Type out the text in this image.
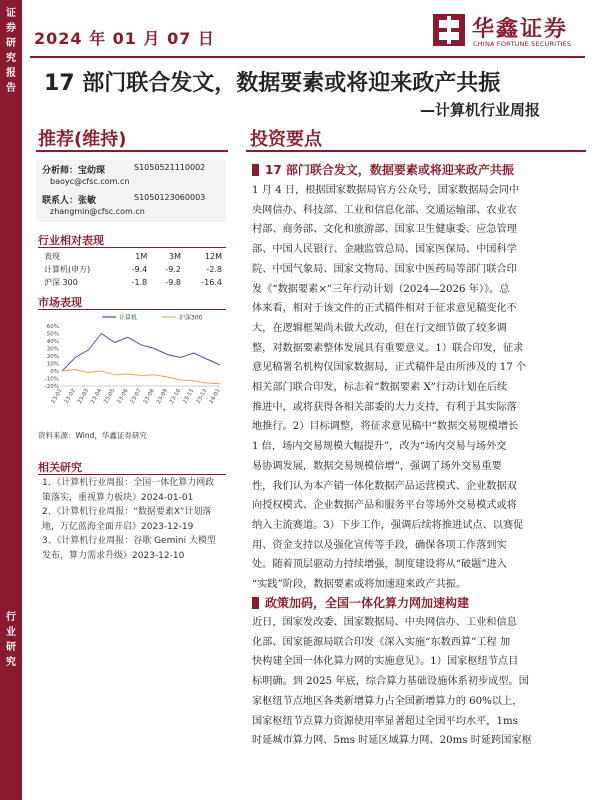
证
券
研
究
报
告
行
业
研
究
2024 年 01 月 07 日	华鑫证券
CHINA FORTUNE SECURITIES
17 部门联合发文，数据要素或将迎来政产共振
—计算机行业周报
推荐(维持)	投资要点
分析师：宝幼琛	S1050521110002
baoyc@cfsc.com.cn
联系人：张敏	S1050123060003
zhangmin@cfsc.com.cn
行业相对表现
表现	1M	3M	12M
计算机(申万)	-9.4	-9.2	-2.8
沪深 300	-1.8	-9.8	-16.4
市场表现
60%
50%
40%
30%
20%
10%
0%
-10%
-20%
23-01 23-02 23-03 23-04 23-05 23-06 23-07 23-08 23-09 23-10 23-11 23-12 24-01
计算机	沪深300
资料来源：Wind，华鑫证券研究
相关研究
1、《计算机行业周报：全国一体化算力网政策落实，重视算力板块》2024-01-01
2、《计算机行业周报：“数据要素X”计划落地，万亿蓝海全面开启》2023-12-19
3、《计算机行业周报：谷歌 Gemini 大模型发布，算力需求升级》2023-12-10
17 部门联合发文，数据要素或将迎来政产共振
1 月 4 日，根据国家数据局官方公众号，国家数据局会同中
央网信办、科技部、工业和信息化部、交通运输部、农业农
村部、商务部、文化和旅游部、国家卫生健康委、应急管理
部、中国人民银行、金融监管总局、国家医保局、中国科学
院、中国气象局、国家文物局、国家中医药局等部门联合印
发《“数据要素×”三年行动计划（2024—2026 年）》。总
体来看，相对于该文件的正式稿件相对于征求意见稿变化不
大，在逻辑框架尚未做大改动，但在行文细节做了较多调
整，对数据要素整体发展具有重要意义。1）联合印发，征求
意见稿署名机构仅国家数据局，正式稿件是由所涉及的 17 个
相关部门联合印发，标志着“数据要素 X”行动计划在后续
推进中，或将获得各相关部委的大力支持，有利于其实际落
地推行。2）目标调整，将征求意见稿中“数据交易规模增长
1 倍，场内交易规模大幅提升”，改为“场内交易与场外交
易协调发展，数据交易规模倍增”，强调了场外交易重要
性，我们认为本产销一体化数据产品运营模式、企业数据双
向授权模式、企业数据产品和服务平台等场外交易模式或将
纳入主流赛道。3）下步工作，强调后续将推进试点、以赛促
用、资金支持以及强化宣传等手段，确保各项工作落到实
处。随着顶层驱动力持续增强，制度建设将从“破题”进入
“实践”阶段，数据要素或将加速迎来政产共振。
政策加码，全国一体化算力网加速构建
近日，国家发改委、国家数据局、中央网信办、工业和信息
化部、国家能源局联合印发《深入实施“东数西算”工程 加
快构建全国一体化算力网的实施意见》。1）国家枢纽节点目
标明确。到 2025 年底，综合算力基础设施体系初步成型。国
家枢纽节点地区各类新增算力占全国新增算力的 60%以上，
国家枢纽节点算力资源使用率显著超过全国平均水平，1ms
时延城市算力网、5ms 时延区域算力网、20ms 时延跨国家枢
